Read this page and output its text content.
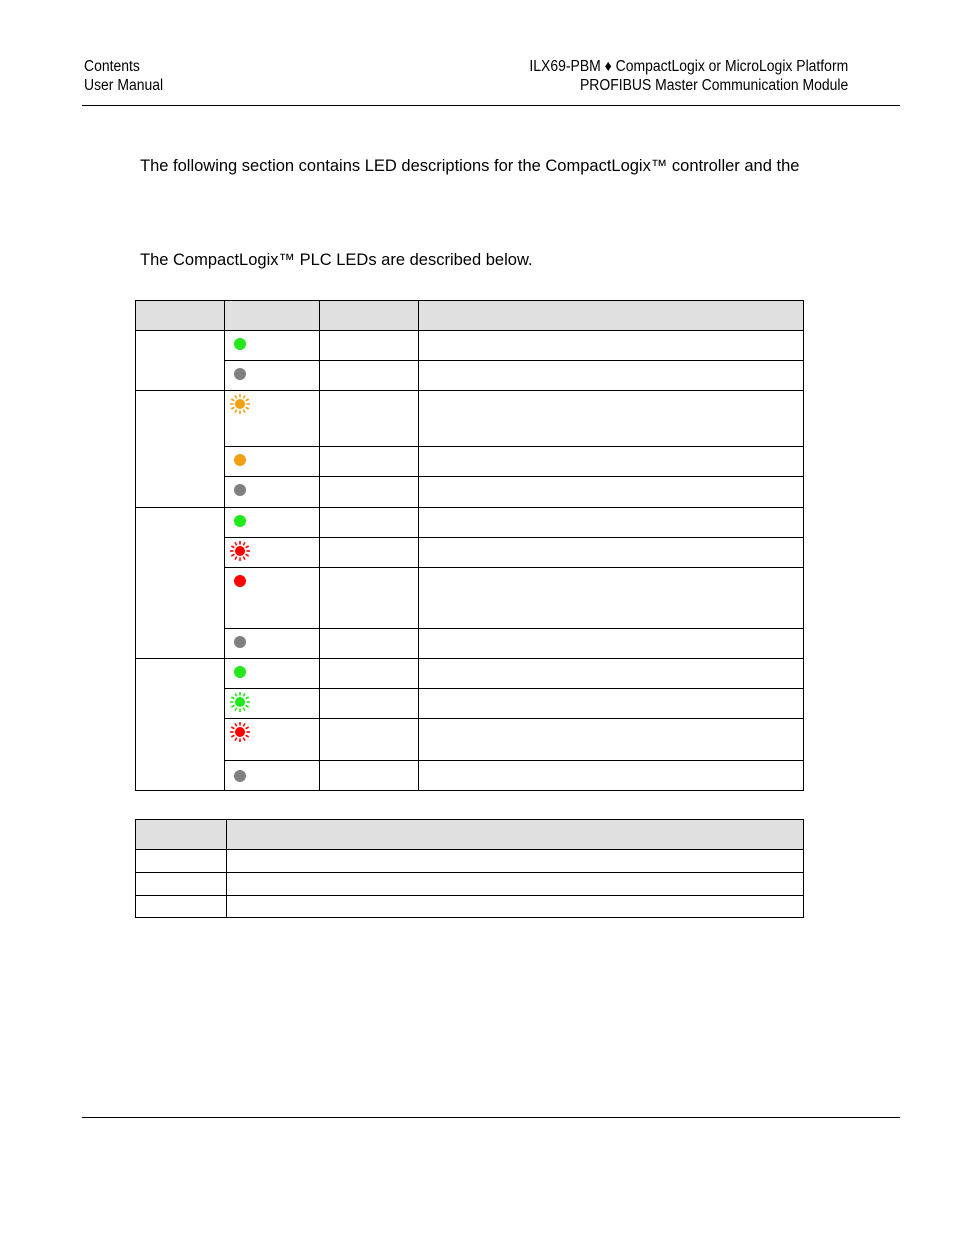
Contents
User Manual
ILX69-PBM ♦ CompactLogix or MicroLogix Platform
PROFIBUS Master Communication Module
The following section contains LED descriptions for the CompactLogix™ controller and the
The CompactLogix™ PLC LEDs are described below.
